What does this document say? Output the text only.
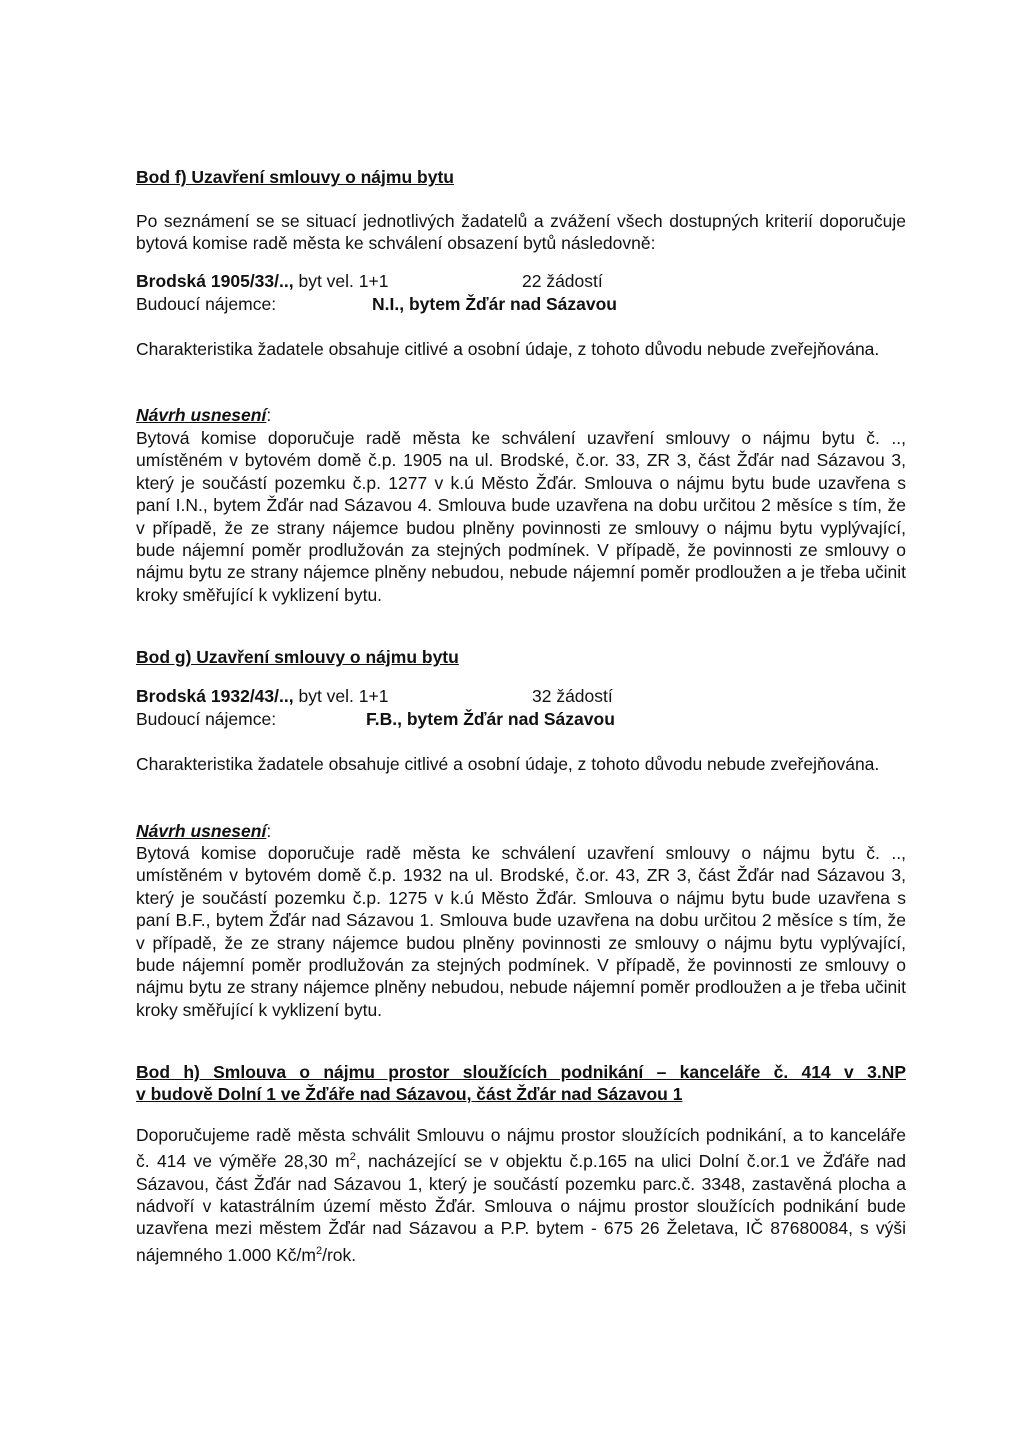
Bod f) Uzavření smlouvy o nájmu bytu
Po seznámení se se situací jednotlivých žadatelů a zvážení všech dostupných kriterií doporučuje bytová komise radě města ke schválení obsazení bytů následovně:
Brodská 1905/33/.., byt vel. 1+1	22 žádostí
Budoucí nájemce:	N.I., bytem Žďár nad Sázavou
Charakteristika žadatele obsahuje citlivé a osobní údaje, z tohoto důvodu nebude zveřejňována.
Návrh usnesení:
Bytová komise doporučuje radě města ke schválení uzavření smlouvy o nájmu bytu č. .., umístěném v bytovém domě č.p. 1905 na ul. Brodské, č.or. 33, ZR 3, část Žďár nad Sázavou 3, který je součástí pozemku č.p. 1277 v k.ú Město Žďár. Smlouva o nájmu bytu bude uzavřena s paní I.N., bytem Žďár nad Sázavou 4. Smlouva bude uzavřena na dobu určitou 2 měsíce s tím, že v případě, že ze strany nájemce budou plněny povinnosti ze smlouvy o nájmu bytu vyplývající, bude nájemní poměr prodlužován za stejných podmínek. V případě, že povinnosti ze smlouvy o nájmu bytu ze strany nájemce plněny nebudou, nebude nájemní poměr prodloužen a je třeba učinit kroky směřující k vyklizení bytu.
Bod g) Uzavření smlouvy o nájmu bytu
Brodská 1932/43/.., byt vel. 1+1	32 žádostí
Budoucí nájemce:	F.B., bytem Žďár nad Sázavou
Charakteristika žadatele obsahuje citlivé a osobní údaje, z tohoto důvodu nebude zveřejňována.
Návrh usnesení:
Bytová komise doporučuje radě města ke schválení uzavření smlouvy o nájmu bytu č. .., umístěném v bytovém domě č.p. 1932 na ul. Brodské, č.or. 43, ZR 3, část Žďár nad Sázavou 3, který je součástí pozemku č.p. 1275 v k.ú Město Žďár. Smlouva o nájmu bytu bude uzavřena s paní B.F., bytem Žďár nad Sázavou 1. Smlouva bude uzavřena na dobu určitou 2 měsíce s tím, že v případě, že ze strany nájemce budou plněny povinnosti ze smlouvy o nájmu bytu vyplývající, bude nájemní poměr prodlužován za stejných podmínek. V případě, že povinnosti ze smlouvy o nájmu bytu ze strany nájemce plněny nebudou, nebude nájemní poměr prodloužen a je třeba učinit kroky směřující k vyklizení bytu.
Bod h) Smlouva o nájmu prostor sloužících podnikání – kanceláře č. 414 v 3.NP
v budově Dolní 1 ve Žďáře nad Sázavou, část Žďár nad Sázavou 1
Doporučujeme radě města schválit Smlouvu o nájmu prostor sloužících podnikání, a to kanceláře č. 414 ve výměře 28,30 $m^2$, nacházející se v objektu č.p.165 na ulici Dolní č.or.1 ve Žďáře nad Sázavou, část Žďár nad Sázavou 1, který je součástí pozemku parc.č. 3348, zastavěná plocha a nádvoří v katastrálním území město Žďár. Smlouva o nájmu prostor sloužících podnikání bude uzavřena mezi městem Žďár nad Sázavou a P.P. bytem - 675 26 Želetava, IČ 87680084, s výši nájemného 1.000 $Kč/m^2$/rok.
